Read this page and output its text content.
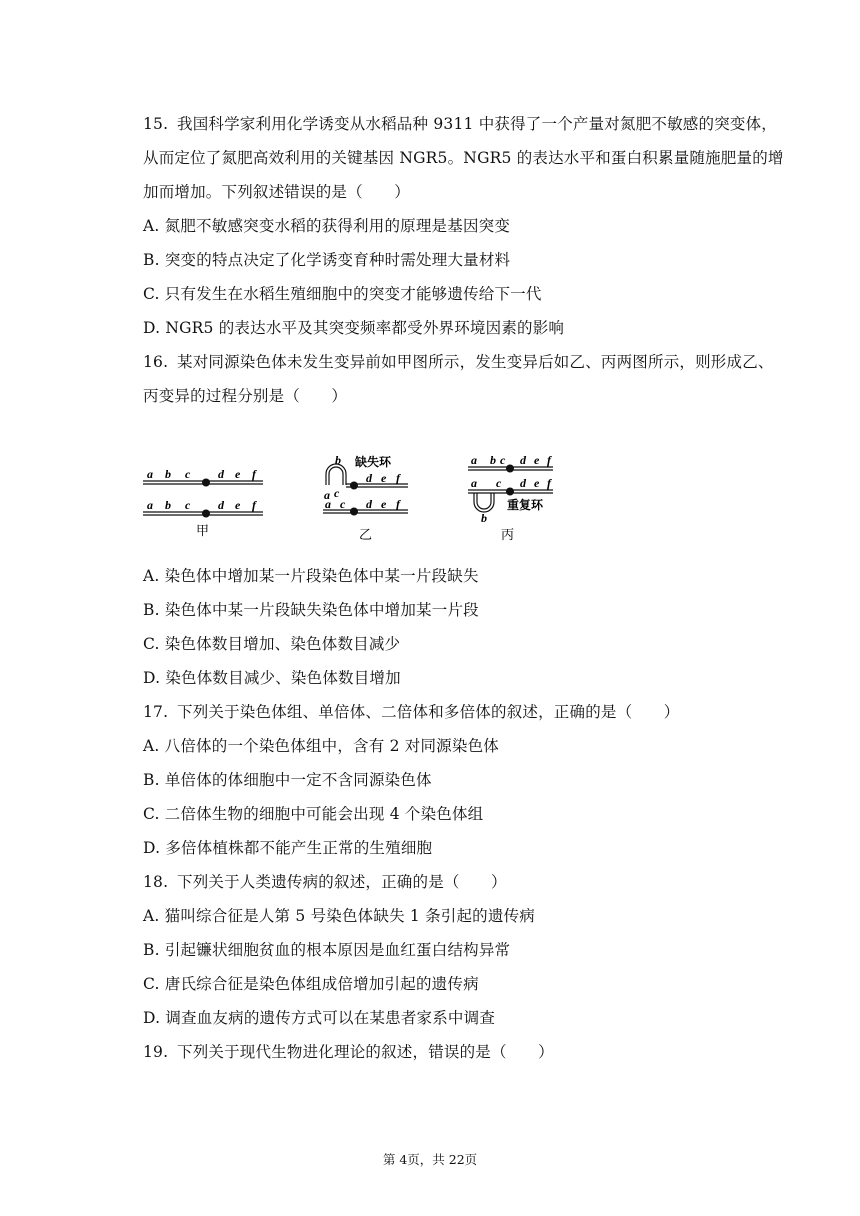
15. 我国科学家利用化学诱变从水稻品种 9311 中获得了一个产量对氮肥不敏感的突变体，
从而定位了氮肥高效利用的关键基因 NGR5。NGR5 的表达水平和蛋白积累量随施肥量的增
加而增加。下列叙述错误的是（　　）
A. 氮肥不敏感突变水稻的获得利用的原理是基因突变
B. 突变的特点决定了化学诱变育种时需处理大量材料
C. 只有发生在水稻生殖细胞中的突变才能够遗传给下一代
D. NGR5 的表达水平及其突变频率都受外界环境因素的影响
16. 某对同源染色体未发生变异前如甲图所示，发生变异后如乙、丙两图所示，则形成乙、
丙变异的过程分别是（　　）
a b c d e f
a b c d e f
甲
b 缺失环
d e f
a c
a c d e f
乙
a b c d e f
a c d e f
b
重复环
丙
A. 染色体中增加某一片段染色体中某一片段缺失
B. 染色体中某一片段缺失染色体中增加某一片段
C. 染色体数目增加、染色体数目减少
D. 染色体数目减少、染色体数目增加
17. 下列关于染色体组、单倍体、二倍体和多倍体的叙述，正确的是（　　）
A. 八倍体的一个染色体组中，含有 2 对同源染色体
B. 单倍体的体细胞中一定不含同源染色体
C. 二倍体生物的细胞中可能会出现 4 个染色体组
D. 多倍体植株都不能产生正常的生殖细胞
18. 下列关于人类遗传病的叙述，正确的是（　　）
A. 猫叫综合征是人第 5 号染色体缺失 1 条引起的遗传病
B. 引起镰状细胞贫血的根本原因是血红蛋白结构异常
C. 唐氏综合征是染色体组成倍增加引起的遗传病
D. 调查血友病的遗传方式可以在某患者家系中调查
19. 下列关于现代生物进化理论的叙述，错误的是（　　）
第 4页，共 22页
